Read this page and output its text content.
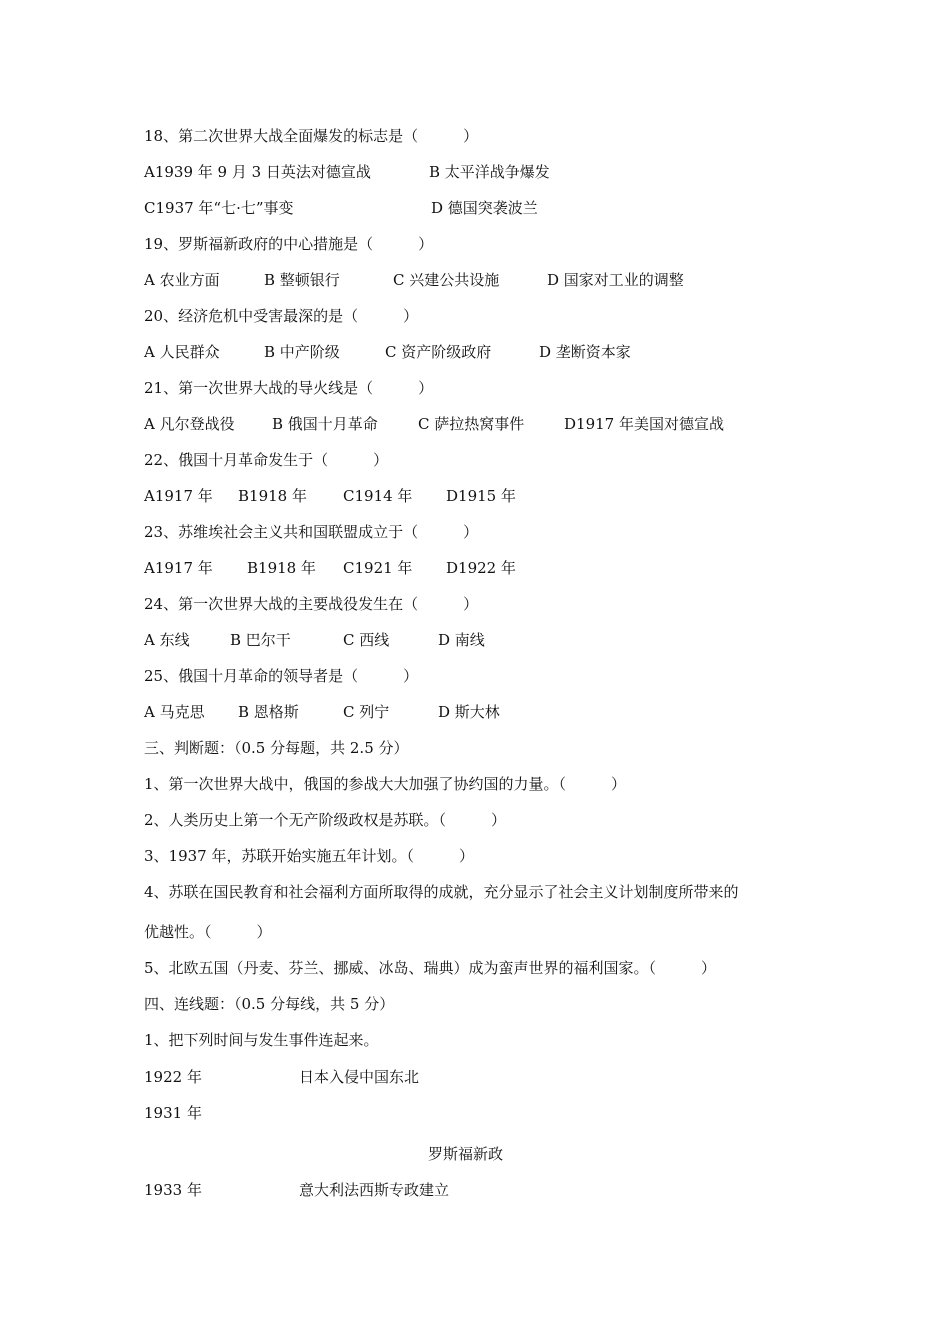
18、第二次世界大战全面爆发的标志是（　　　）
A1939 年 9 月 3 日英法对德宣战	B 太平洋战争爆发
C1937 年“七·七”事变	D 德国突袭波兰
19、罗斯福新政府的中心措施是（　　　）
A 农业方面	B 整顿银行	C 兴建公共设施	D 国家对工业的调整
20、经济危机中受害最深的是（　　　）
A 人民群众	B 中产阶级	C 资产阶级政府	D 垄断资本家
21、第一次世界大战的导火线是（　　　）
A 凡尔登战役 B 俄国十月革命	C 萨拉热窝事件	D1917 年美国对德宣战
22、俄国十月革命发生于（　　　）
A1917 年 B1918 年 C1914 年 D1915 年
23、苏维埃社会主义共和国联盟成立于（　　　）
A1917 年 B1918 年 C1921 年 D1922 年
24、第一次世界大战的主要战役发生在（　　　）
A 东线	B 巴尔干	C 西线	D 南线
25、俄国十月革命的领导者是（　　　）
A 马克思 B 恩格斯	C 列宁	D 斯大林
三、判断题：（0.5 分每题，共 2.5 分）
1、第一次世界大战中，俄国的参战大大加强了协约国的力量。（　　　）
2、人类历史上第一个无产阶级政权是苏联。（　　　）
3、1937 年，苏联开始实施五年计划。（　　　）
4、苏联在国民教育和社会福利方面所取得的成就，充分显示了社会主义计划制度所带来的
优越性。（　　　）
5、北欧五国（丹麦、芬兰、挪威、冰岛、瑞典）成为蛮声世界的福利国家。（　　　）
四、连线题：（0.5 分每线，共 5 分）
1、把下列时间与发生事件连起来。
1922 年	日本入侵中国东北
1931 年
罗斯福新政
1933 年	意大利法西斯专政建立
